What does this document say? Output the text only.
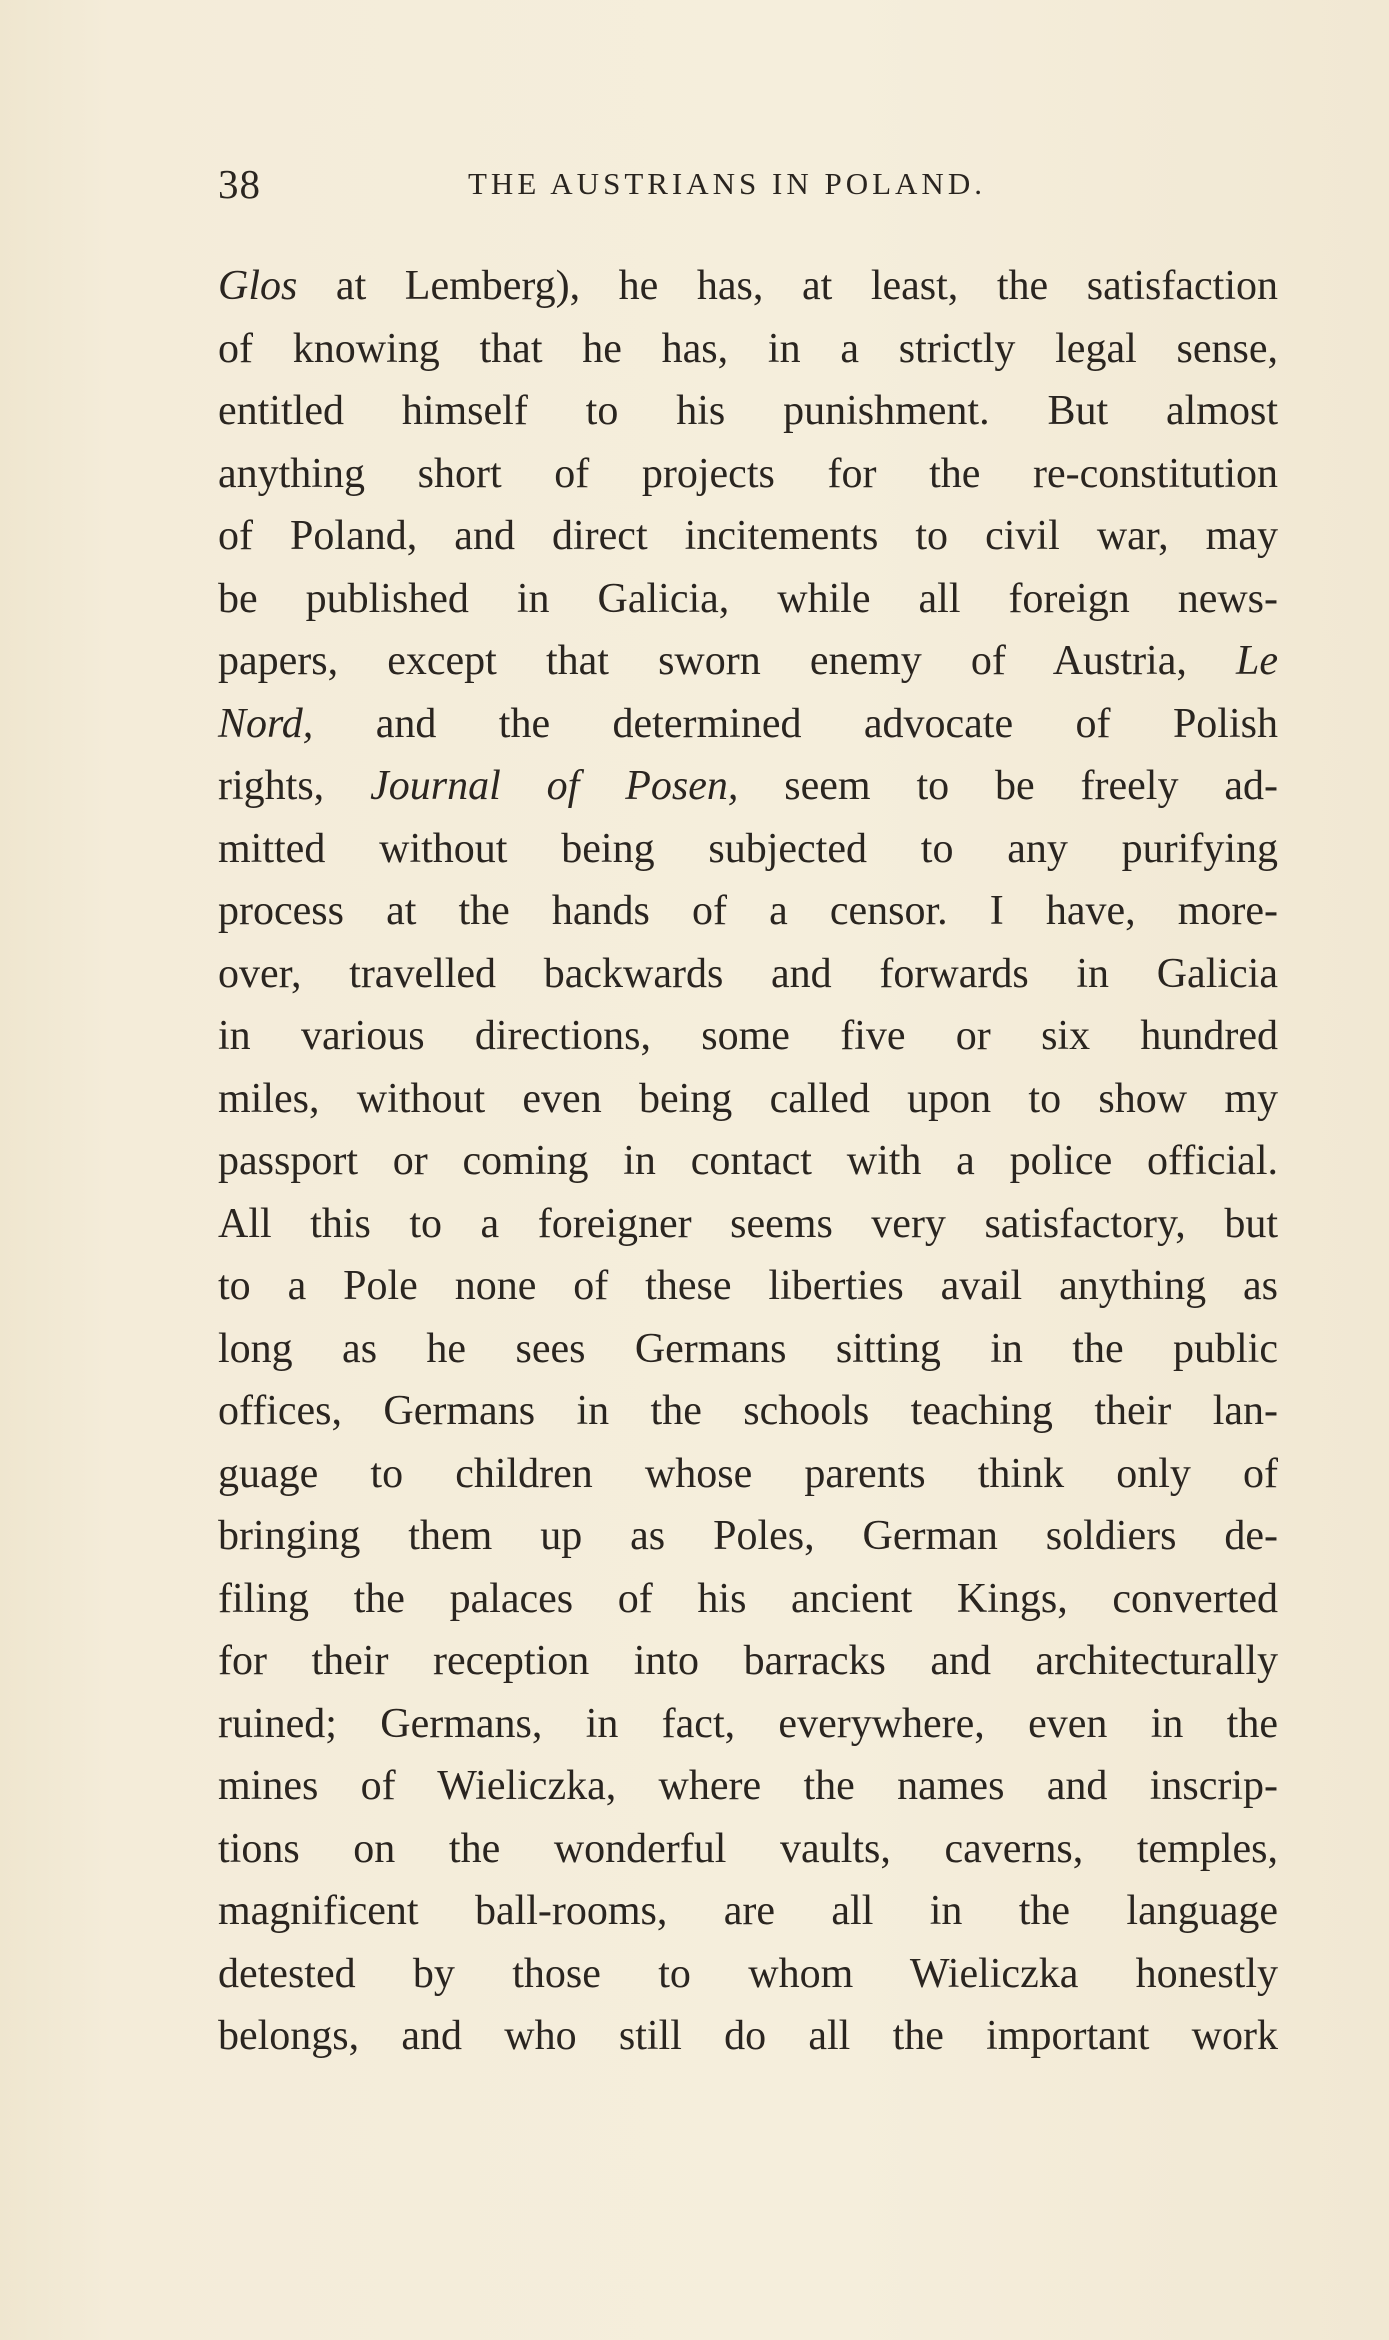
38	THE AUSTRIANS IN POLAND.
Glos at Lemberg), he has, at least, the satisfaction
of knowing that he has, in a strictly legal sense,
entitled himself to his punishment. But almost
anything short of projects for the re-constitution
of Poland, and direct incitements to civil war, may
be published in Galicia, while all foreign news-
papers, except that sworn enemy of Austria, Le
Nord, and the determined advocate of Polish
rights, Journal of Posen, seem to be freely ad-
mitted without being subjected to any purifying
process at the hands of a censor. I have, more-
over, travelled backwards and forwards in Galicia
in various directions, some five or six hundred
miles, without even being called upon to show my
passport or coming in contact with a police official.
All this to a foreigner seems very satisfactory, but
to a Pole none of these liberties avail anything as
long as he sees Germans sitting in the public
offices, Germans in the schools teaching their lan-
guage to children whose parents think only of
bringing them up as Poles, German soldiers de-
filing the palaces of his ancient Kings, converted
for their reception into barracks and architecturally
ruined; Germans, in fact, everywhere, even in the
mines of Wieliczka, where the names and inscrip-
tions on the wonderful vaults, caverns, temples,
magnificent ball-rooms, are all in the language
detested by those to whom Wieliczka honestly
belongs, and who still do all the important work
